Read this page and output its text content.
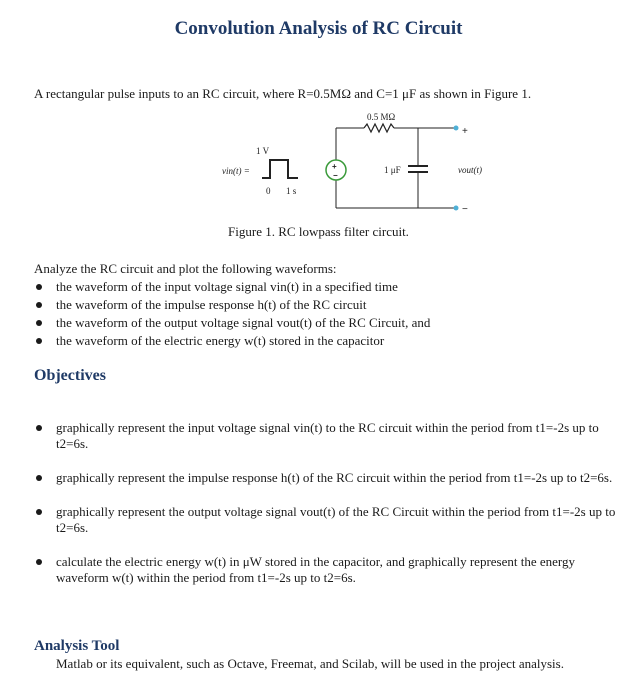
Convolution Analysis of RC Circuit
A rectangular pulse inputs to an RC circuit, where R=0.5MΩ and C=1 μF as shown in Figure 1.
vin(t) =
1 V
0 1 s
+
−
0.5 MΩ
1 μF
+
−
vout(t)
Figure 1. RC lowpass filter circuit.
Analyze the RC circuit and plot the following waveforms:
the waveform of the input voltage signal vin(t) in a specified time
the waveform of the impulse response h(t) of the RC circuit
the waveform of the output voltage signal vout(t) of the RC Circuit, and
the waveform of the electric energy w(t) stored in the capacitor
Objectives
graphically represent the input voltage signal vin(t) to the RC circuit within the period from t1=-2s up to t2=6s.
graphically represent the impulse response h(t) of the RC circuit within the period from t1=-2s up to t2=6s.
graphically represent the output voltage signal vout(t) of the RC Circuit within the period from t1=-2s up to t2=6s.
calculate the electric energy w(t) in μW stored in the capacitor, and graphically represent the energy waveform w(t) within the period from t1=-2s up to t2=6s.
Analysis Tool
Matlab or its equivalent, such as Octave, Freemat, and Scilab, will be used in the project analysis.
